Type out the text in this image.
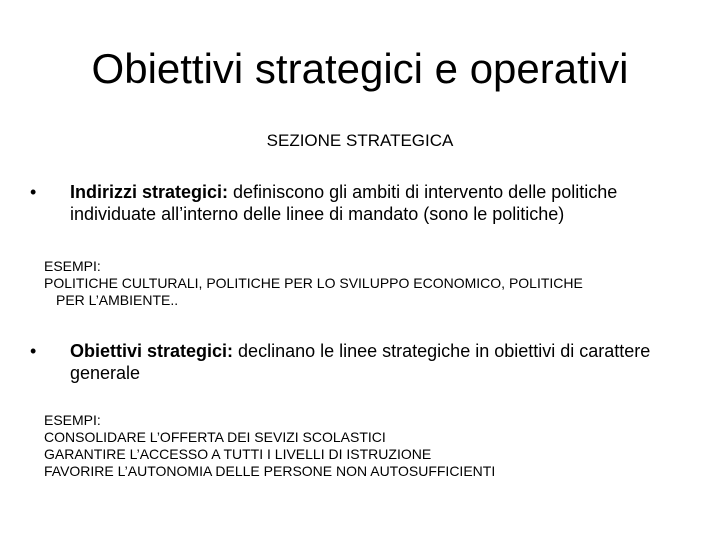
Obiettivi strategici e operativi
SEZIONE STRATEGICA
•	Indirizzi strategici: definiscono gli ambiti di intervento delle politiche individuate all’interno delle linee di mandato (sono le politiche)
ESEMPI:
POLITICHE CULTURALI, POLITICHE PER LO SVILUPPO ECONOMICO, POLITICHE
PER L’AMBIENTE..
•	Obiettivi strategici: declinano le linee strategiche in obiettivi di carattere generale
ESEMPI:
CONSOLIDARE L’OFFERTA DEI SEVIZI SCOLASTICI
GARANTIRE L’ACCESSO A TUTTI I LIVELLI DI ISTRUZIONE
FAVORIRE L’AUTONOMIA DELLE PERSONE NON AUTOSUFFICIENTI
